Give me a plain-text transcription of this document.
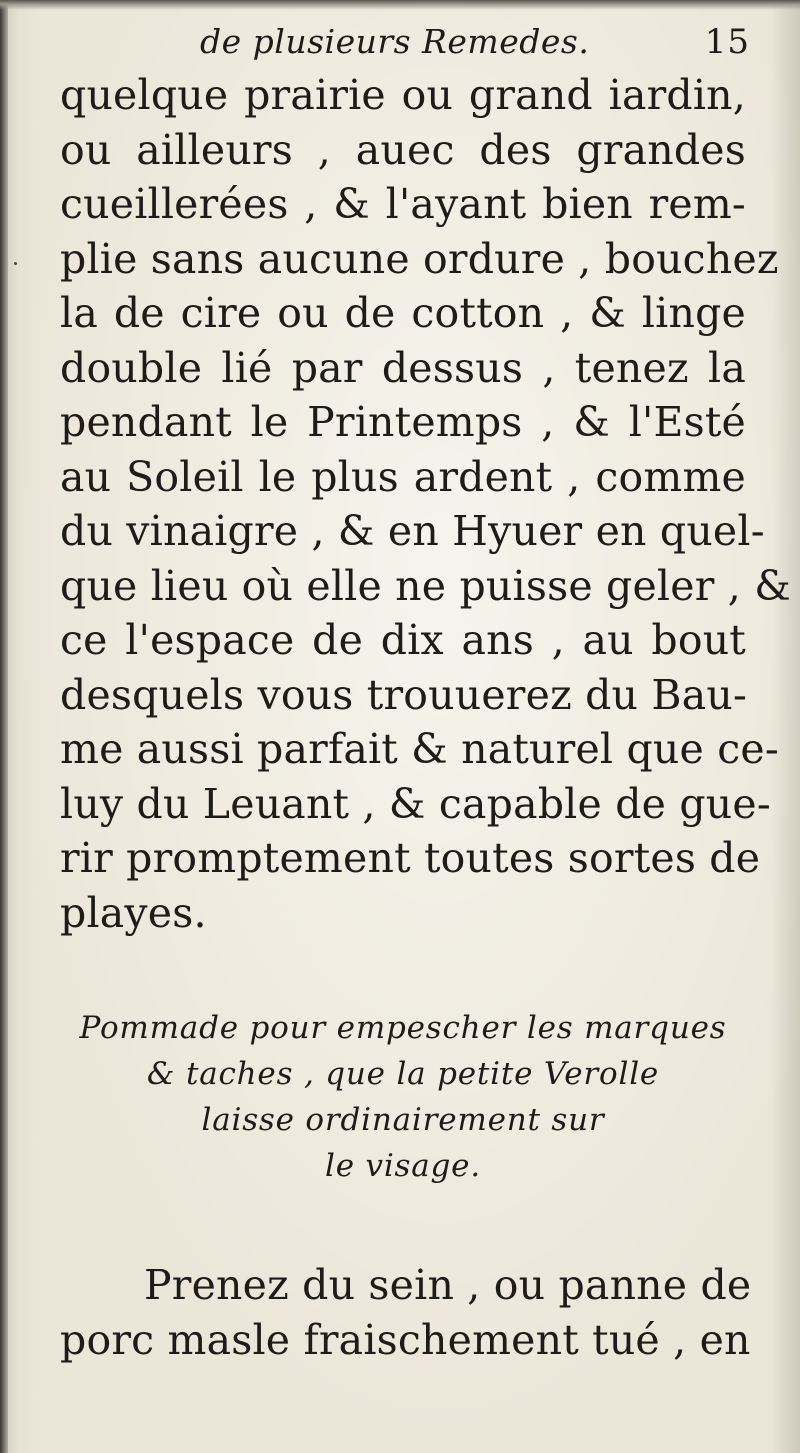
de plusieurs Remedes.	15
quelque prairie ou grand iardin,
ou ailleurs , auec des grandes
cueillerées , & l'ayant bien rem-
plie sans aucune ordure , bouchez
la de cire ou de cotton , & linge
double lié par dessus , tenez la
pendant le Printemps , & l'Esté
au Soleil le plus ardent , comme
du vinaigre , & en Hyuer en quel-
que lieu où elle ne puisse geler , &
ce l'espace de dix ans , au bout
desquels vous trouuerez du Bau-
me aussi parfait & naturel que ce-
luy du Leuant , & capable de gue-
rir promptement toutes sortes de
playes.
Pommade pour empescher les marques
& taches , que la petite Verolle
laisse ordinairement sur
le visage.
Prenez du sein , ou panne de
porc masle fraischement tué , en
